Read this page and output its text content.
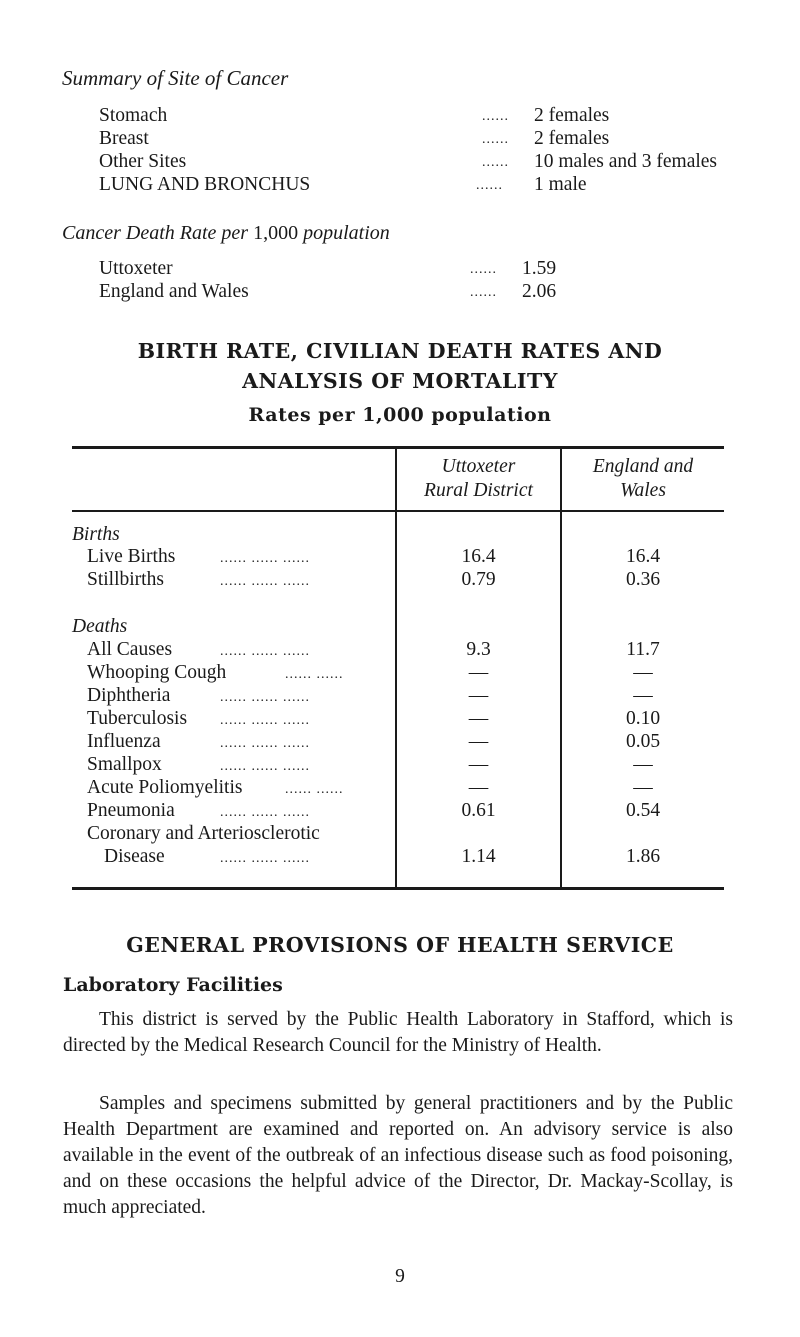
Summary of Site of Cancer
Stomach	...... 2 females
Breast	...... 2 females
Other Sites	...... 10 males and 3 females
LUNG AND BRONCHUS	...... 1 male
Cancer Death Rate per 1,000 population
Uttoxeter	...... 1.59
England and Wales	...... 2.06
BIRTH RATE, CIVILIAN DEATH RATES AND
ANALYSIS OF MORTALITY
Rates per 1,000 population
Uttoxeter
Rural District
England and
Wales
Births
Live Births	...... ...... ......	16.4	16.4
Stillbirths	...... ...... ......	0.79	0.36
Deaths
All Causes	...... ...... ......	9.3	11.7
Whooping Cough	...... ......	—	—
Diphtheria	...... ...... ......	—	—
Tuberculosis ...... ...... ......	—	0.10
Influenza	...... ...... ......	—	0.05
Smallpox	...... ...... ......	—	—
Acute Poliomyelitis	...... ......	—	—
Pneumonia	...... ...... ......	0.61	0.54
Coronary and Arteriosclerotic
Disease	...... ...... ......	1.14	1.86
GENERAL PROVISIONS OF HEALTH SERVICE
Laboratory Facilities

This district is served by the Public Health Laboratory in Stafford, which is directed by the Medical Research Council for the Ministry of Health.

Samples and specimens submitted by general practitioners and by the Public Health Department are examined and reported on. An advisory service is also available in the event of the outbreak of an infectious disease such as food poisoning, and on these occasions the helpful advice of the Director, Dr. Mackay-Scollay, is much appreciated.

9
